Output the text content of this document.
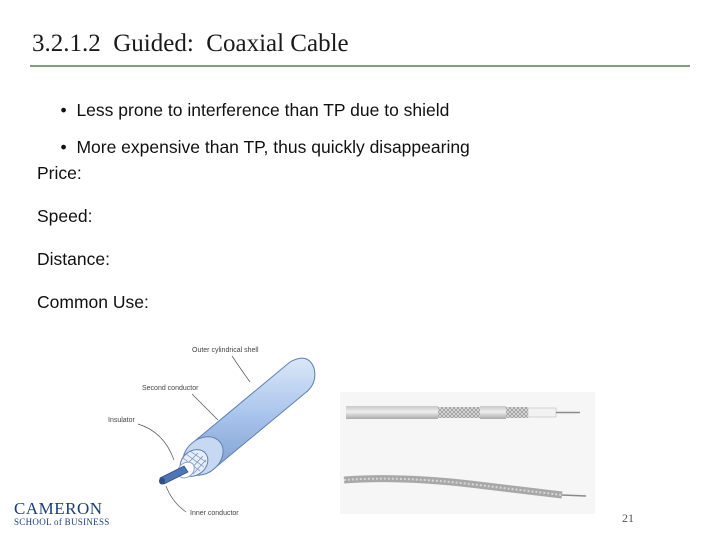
3.2.1.2  Guided:  Coaxial Cable

• Less prone to interference than TP due to shield

• More expensive than TP, thus quickly disappearing

Price:
Speed:
Distance:
Common Use:
Outer cylindrical shell
Second conductor
Insulator
Inner conductor
CAMERON
SCHOOL of BUSINESS	21
